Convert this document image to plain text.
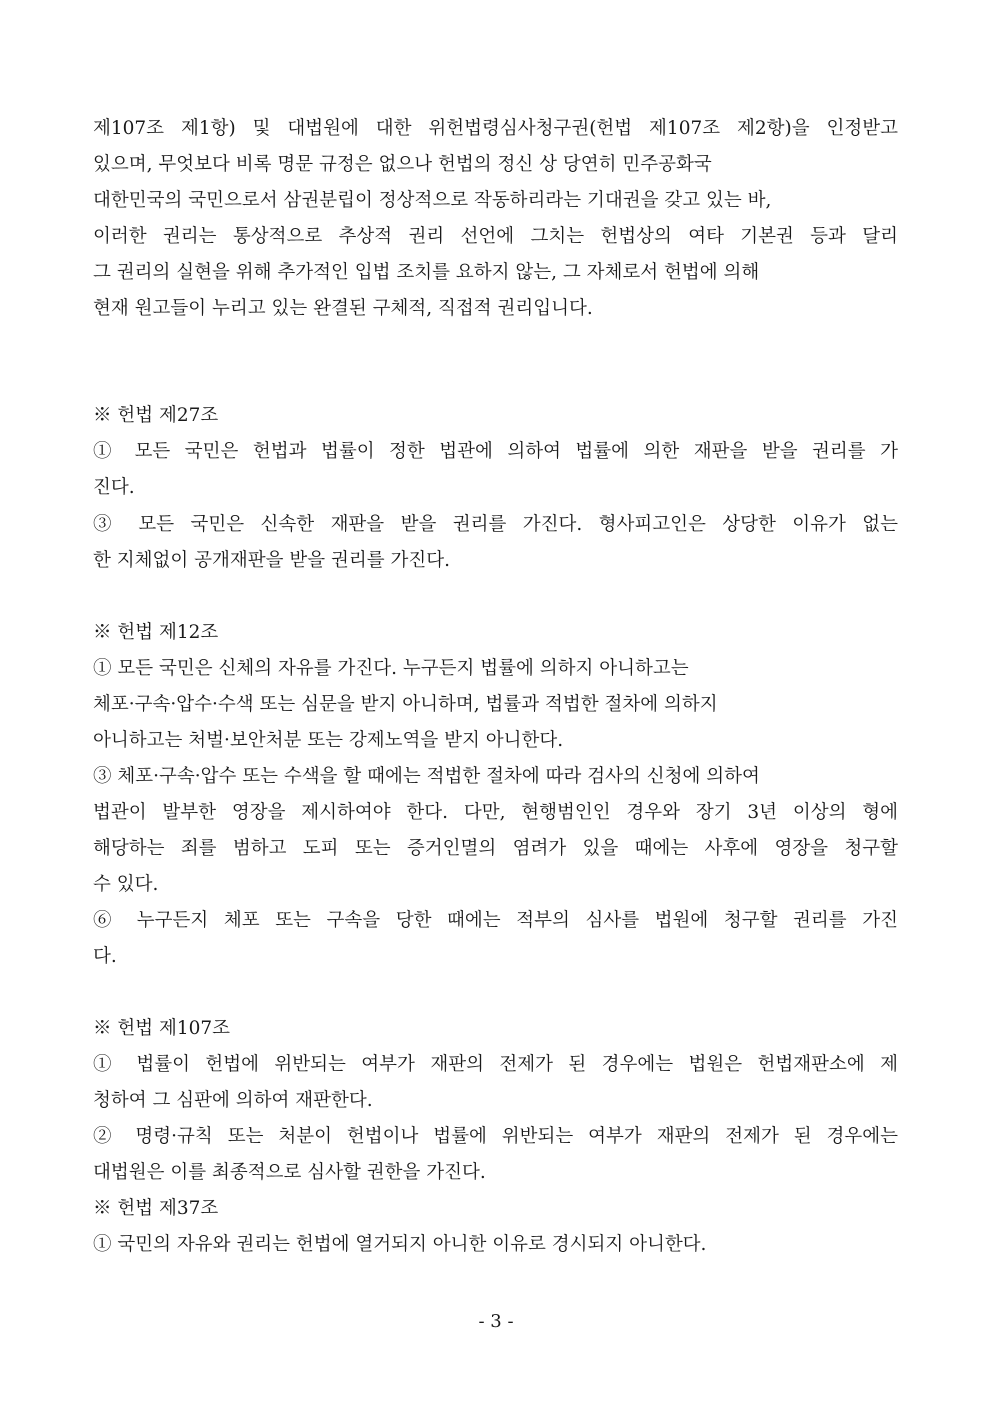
제107조 제1항) 및 대법원에 대한 위헌법령심사청구권(헌법 제107조 제2항)을 인정받고
있으며, 무엇보다 비록 명문 규정은 없으나 헌법의 정신 상 당연히 민주공화국
대한민국의 국민으로서 삼권분립이 정상적으로 작동하리라는 기대권을 갖고 있는 바,
이러한 권리는 통상적으로 추상적 권리 선언에 그치는 헌법상의 여타 기본권 등과 달리
그 권리의 실현을 위해 추가적인 입법 조치를 요하지 않는, 그 자체로서 헌법에 의해
현재 원고들이 누리고 있는 완결된 구체적, 직접적 권리입니다.
※ 헌법 제27조
① 모든 국민은 헌법과 법률이 정한 법관에 의하여 법률에 의한 재판을 받을 권리를 가
진다.
③ 모든 국민은 신속한 재판을 받을 권리를 가진다. 형사피고인은 상당한 이유가 없는
한 지체없이 공개재판을 받을 권리를 가진다.
※ 헌법 제12조
① 모든 국민은 신체의 자유를 가진다. 누구든지 법률에 의하지 아니하고는
체포·구속·압수·수색 또는 심문을 받지 아니하며, 법률과 적법한 절차에 의하지
아니하고는 처벌·보안처분 또는 강제노역을 받지 아니한다.
③ 체포·구속·압수 또는 수색을 할 때에는 적법한 절차에 따라 검사의 신청에 의하여
법관이 발부한 영장을 제시하여야 한다. 다만, 현행범인인 경우와 장기 3년 이상의 형에
해당하는 죄를 범하고 도피 또는 증거인멸의 염려가 있을 때에는 사후에 영장을 청구할
수 있다.
⑥ 누구든지 체포 또는 구속을 당한 때에는 적부의 심사를 법원에 청구할 권리를 가진
다.
※ 헌법 제107조
① 법률이 헌법에 위반되는 여부가 재판의 전제가 된 경우에는 법원은 헌법재판소에 제
청하여 그 심판에 의하여 재판한다.
② 명령·규칙 또는 처분이 헌법이나 법률에 위반되는 여부가 재판의 전제가 된 경우에는
대법원은 이를 최종적으로 심사할 권한을 가진다.
※ 헌법 제37조
① 국민의 자유와 권리는 헌법에 열거되지 아니한 이유로 경시되지 아니한다.
- 3 -
